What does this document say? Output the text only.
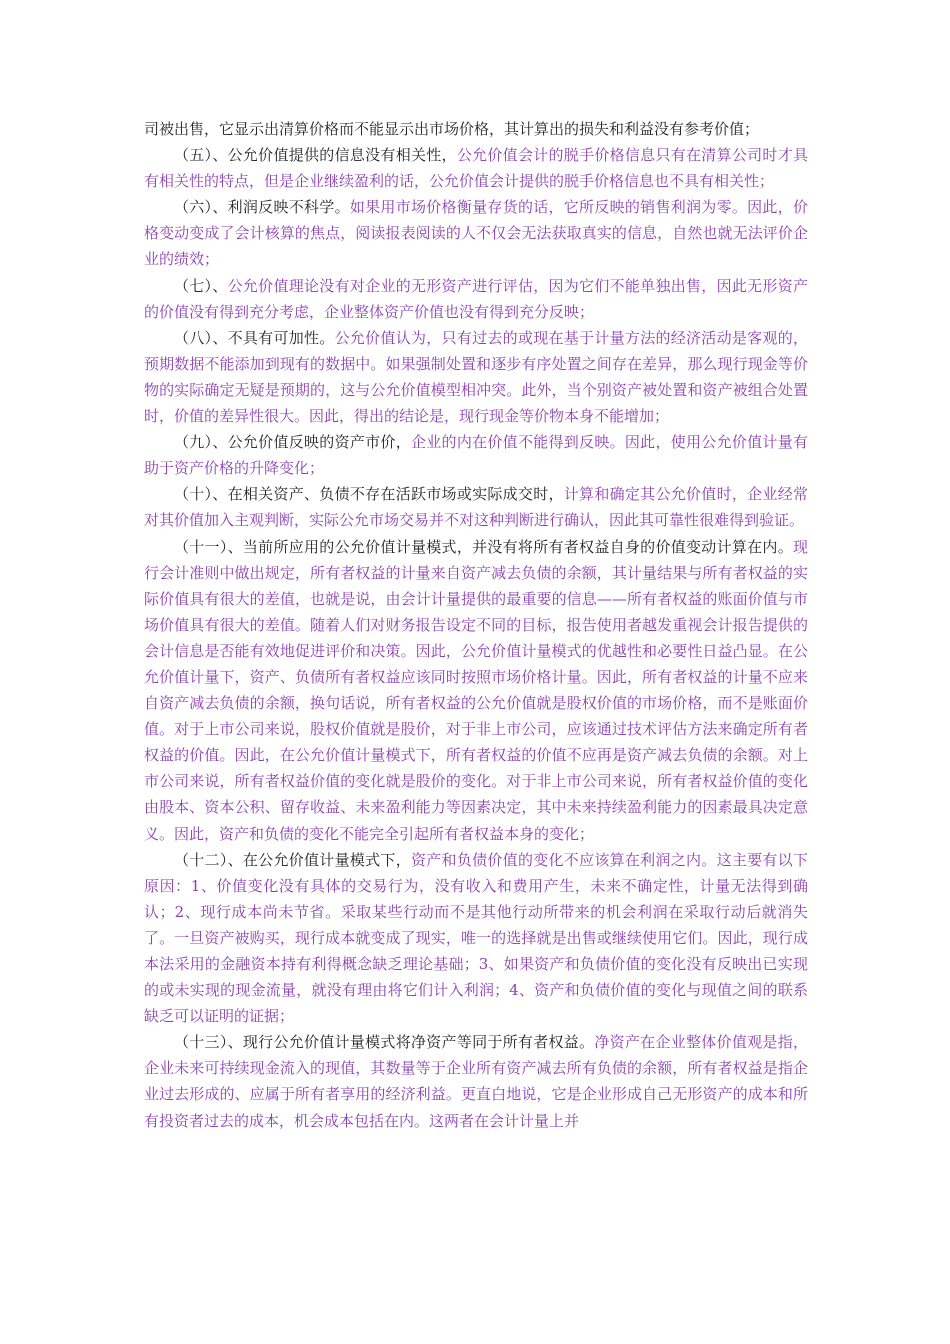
司被出售，它显示出清算价格而不能显示出市场价格，其计算出的损失和利益没有参考价值；

（五）、公允价值提供的信息没有相关性，公允价值会计的脱手价格信息只有在清算公司时才具有相关性的特点，但是企业继续盈利的话，公允价值会计提供的脱手价格信息也不具有相关性；

（六）、利润反映不科学。如果用市场价格衡量存货的话，它所反映的销售利润为零。因此，价格变动变成了会计核算的焦点，阅读报表阅读的人不仅会无法获取真实的信息，自然也就无法评价企业的绩效；

（七）、公允价值理论没有对企业的无形资产进行评估，因为它们不能单独出售，因此无形资产的价值没有得到充分考虑，企业整体资产价值也没有得到充分反映；

（八）、不具有可加性。公允价值认为，只有过去的或现在基于计量方法的经济活动是客观的，预期数据不能添加到现有的数据中。如果强制处置和逐步有序处置之间存在差异，那么现行现金等价物的实际确定无疑是预期的，这与公允价值模型相冲突。此外，当个别资产被处置和资产被组合处置时，价值的差异性很大。因此，得出的结论是，现行现金等价物本身不能增加；

（九）、公允价值反映的资产市价，企业的内在价值不能得到反映。因此，使用公允价值计量有助于资产价格的升降变化；

（十）、在相关资产、负债不存在活跃市场或实际成交时，计算和确定其公允价值时，企业经常对其价值加入主观判断，实际公允市场交易并不对这种判断进行确认，因此其可靠性很难得到验证。

（十一）、当前所应用的公允价值计量模式，并没有将所有者权益自身的价值变动计算在内。现行会计准则中做出规定，所有者权益的计量来自资产减去负债的余额，其计量结果与所有者权益的实际价值具有很大的差值，也就是说，由会计计量提供的最重要的信息——所有者权益的账面价值与市场价值具有很大的差值。随着人们对财务报告设定不同的目标，报告使用者越发重视会计报告提供的会计信息是否能有效地促进评价和决策。因此，公允价值计量模式的优越性和必要性日益凸显。在公允价值计量下，资产、负债所有者权益应该同时按照市场价格计量。因此，所有者权益的计量不应来自资产减去负债的余额，换句话说，所有者权益的公允价值就是股权价值的市场价格，而不是账面价值。对于上市公司来说，股权价值就是股价，对于非上市公司，应该通过技术评估方法来确定所有者权益的价值。因此，在公允价值计量模式下，所有者权益的价值不应再是资产减去负债的余额。对上市公司来说，所有者权益价值的变化就是股价的变化。对于非上市公司来说，所有者权益价值的变化由股本、资本公积、留存收益、未来盈利能力等因素决定，其中未来持续盈利能力的因素最具决定意义。因此，资产和负债的变化不能完全引起所有者权益本身的变化；

（十二）、在公允价值计量模式下，资产和负债价值的变化不应该算在利润之内。这主要有以下原因：1、价值变化没有具体的交易行为，没有收入和费用产生，未来不确定性，计量无法得到确认；2、现行成本尚未节省。采取某些行动而不是其他行动所带来的机会利润在采取行动后就消失了。一旦资产被购买，现行成本就变成了现实，唯一的选择就是出售或继续使用它们。因此，现行成本法采用的金融资本持有利得概念缺乏理论基础；3、如果资产和负债价值的变化没有反映出已实现的或未实现的现金流量，就没有理由将它们计入利润；4、资产和负债价值的变化与现值之间的联系缺乏可以证明的证据；

（十三）、现行公允价值计量模式将净资产等同于所有者权益。净资产在企业整体价值观是指，企业未来可持续现金流入的现值，其数量等于企业所有资产减去所有负债的余额，所有者权益是指企业过去形成的、应属于所有者享用的经济利益。更直白地说，它是企业形成自己无形资产的成本和所有投资者过去的成本，机会成本包括在内。这两者在会计计量上并
